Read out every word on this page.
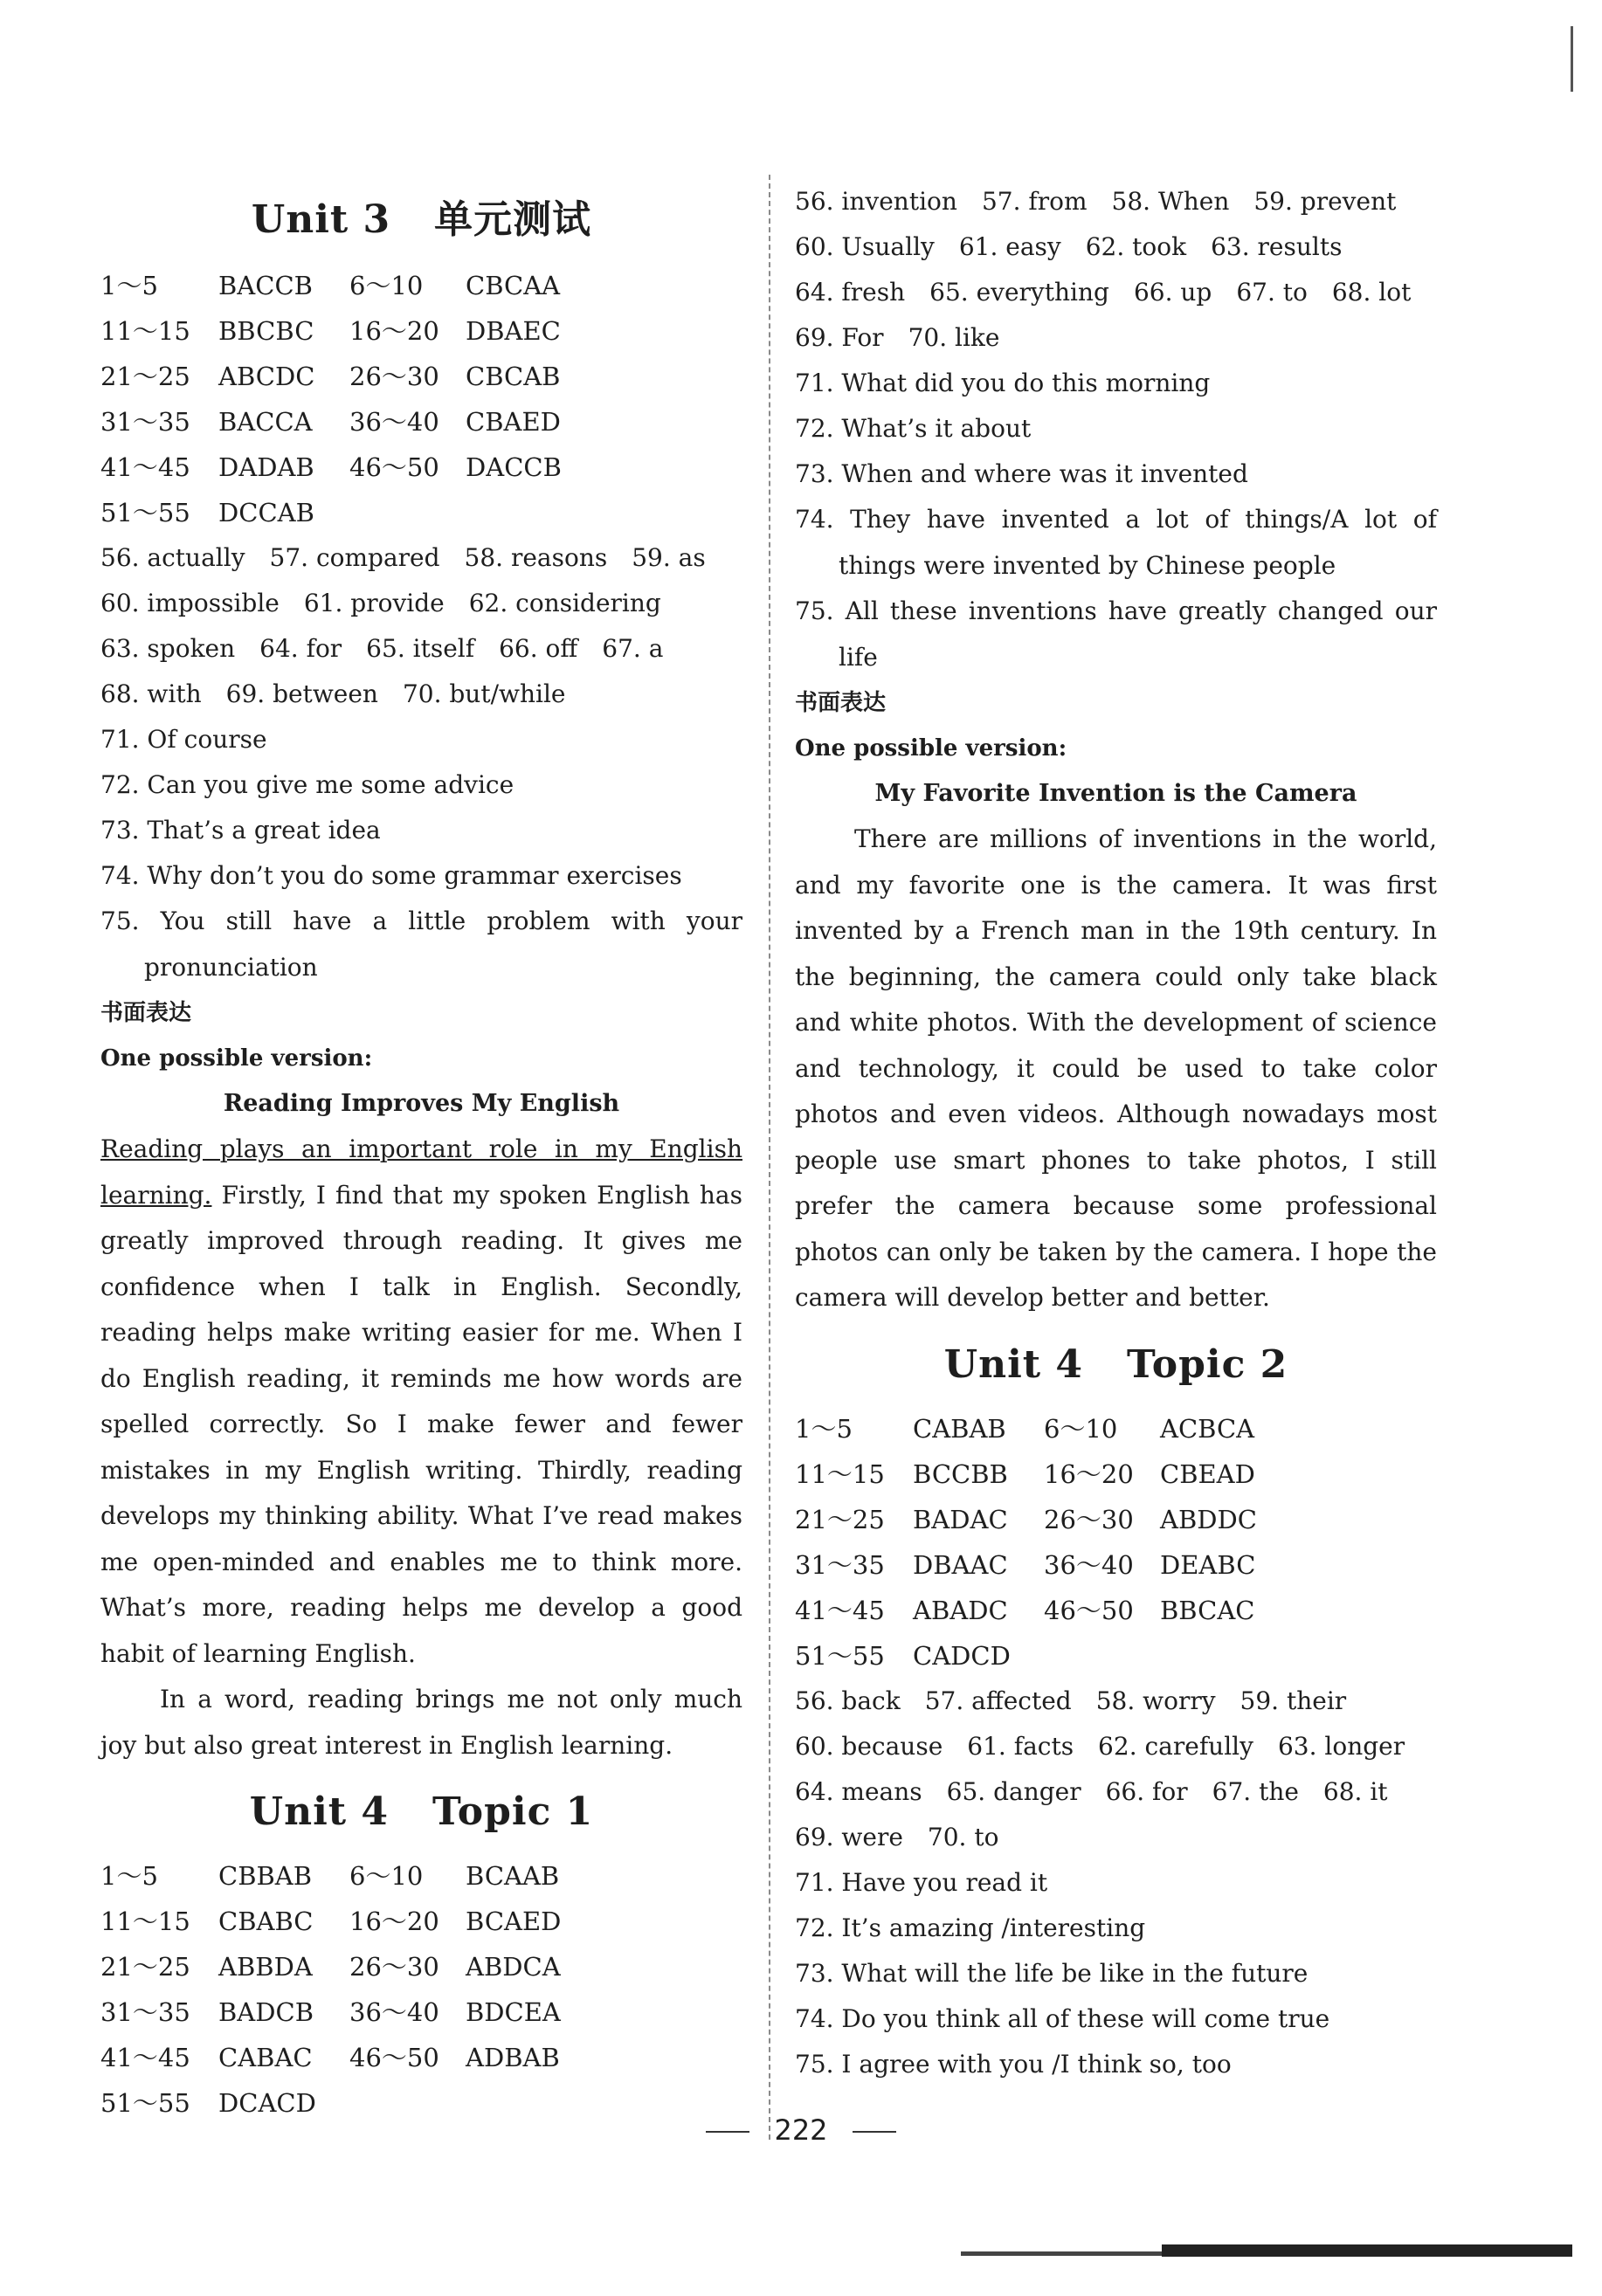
Unit 3 单元测试
1～5	BACCB	6～10	CBCAA
11～15	BBCBC	16～20	DBAEC
21～25	ABCDC	26～30	CBCAB
31～35	BACCA	36～40	CBAED
41～45	DADAB	46～50	DACCB
51～55	DCCAB
56. actually　57. compared　58. reasons　59. as
60. impossible　61. provide　62. considering
63. spoken　64. for　65. itself　66. off　67. a
68. with　69. between　70. but/while
71. Of course
72. Can you give me some advice
73. That’s a great idea
74. Why don’t you do some grammar exercises
75. You still have a little problem with your pronunciation
书面表达
One possible version:
Reading Improves My English
Reading plays an important role in my English learning. Firstly, I find that my spoken English has greatly improved through reading. It gives me confidence when I talk in English. Secondly, reading helps make writing easier for me. When I do English reading, it reminds me how words are spelled correctly. So I make fewer and fewer mistakes in my English writing. Thirdly, reading develops my thinking ability. What I’ve read makes me open-minded and enables me to think more. What’s more, reading helps me develop a good habit of learning English.
In a word, reading brings me not only much joy but also great interest in English learning.
Unit 4 Topic 1
1～5	CBBAB	6～10	BCAAB
11～15	CBABC	16～20	BCAED
21～25	ABBDA	26～30	ABDCA
31～35	BADCB	36～40	BDCEA
41～45	CABAC	46～50	ADBAB
51～55	DCACD
56. invention　57. from　58. When　59. prevent
60. Usually　61. easy　62. took　63. results
64. fresh　65. everything　66. up　67. to　68. lot
69. For　70. like
71. What did you do this morning
72. What’s it about
73. When and where was it invented
74. They have invented a lot of things/A lot of things were invented by Chinese people
75. All these inventions have greatly changed our life
书面表达
One possible version:
My Favorite Invention is the Camera
There are millions of inventions in the world, and my favorite one is the camera. It was first invented by a French man in the 19th century. In the beginning, the camera could only take black and white photos. With the development of science and technology, it could be used to take color photos and even videos. Although nowadays most people use smart phones to take photos, I still prefer the camera because some professional photos can only be taken by the camera. I hope the camera will develop better and better.
Unit 4 Topic 2
1～5	CABAB	6～10	ACBCA
11～15	BCCBB	16～20	CBEAD
21～25	BADAC	26～30	ABDDC
31～35	DBAAC	36～40	DEABC
41～45	ABADC	46～50	BBCAC
51～55	CADCD
56. back　57. affected　58. worry　59. their
60. because　61. facts　62. carefully　63. longer
64. means　65. danger　66. for　67. the　68. it
69. were　70. to
71. Have you read it
72. It’s amazing /interesting
73. What will the life be like in the future
74. Do you think all of these will come true
75. I agree with you /I think so, too
222
